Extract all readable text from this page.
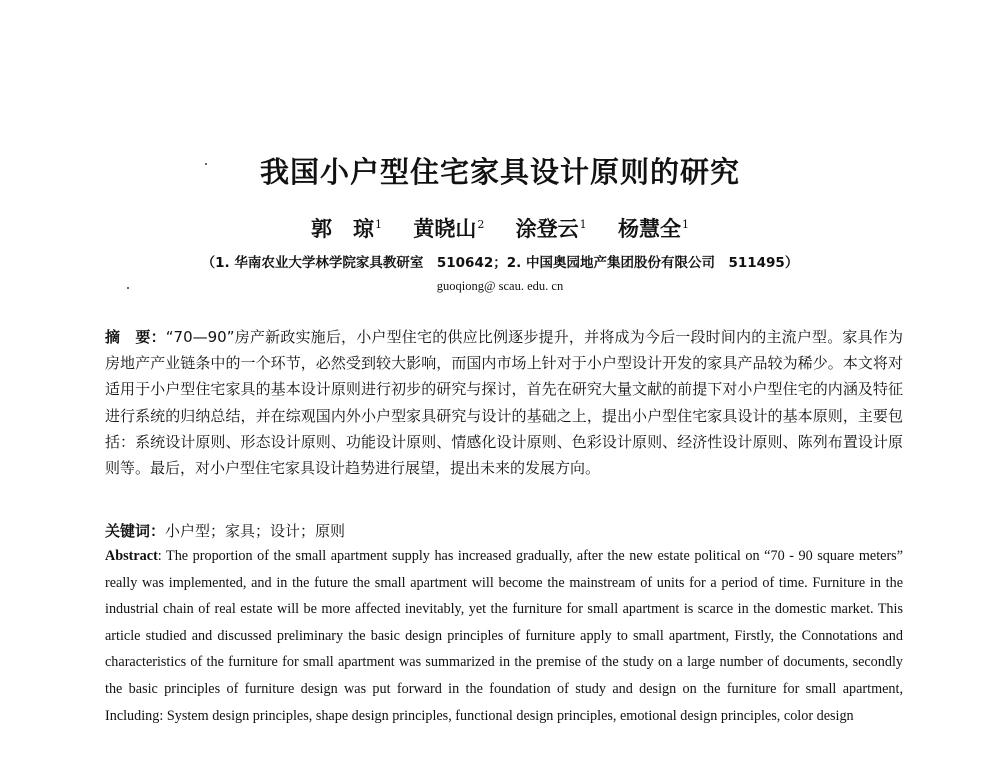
我国小户型住宅家具设计原则的研究
郭　琼$^1$ 黄晓山$^2$ 涂登云$^1$ 杨慧全$^1$
（1. 华南农业大学林学院家具教研室　510642；2. 中国奥园地产集团股份有限公司　511495）
guoqiong@ scau. edu. cn

摘　要：“70—90”房产新政实施后，小户型住宅的供应比例逐步提升，并将成为今后一段时间内的主流户型。家具作为房地产产业链条中的一个环节，必然受到较大影响，而国内市场上针对于小户型设计开发的家具产品较为稀少。本文将对适用于小户型住宅家具的基本设计原则进行初步的研究与探讨，首先在研究大量文献的前提下对小户型住宅的内涵及特征进行系统的归纳总结，并在综观国内外小户型家具研究与设计的基础之上，提出小户型住宅家具设计的基本原则，主要包括：系统设计原则、形态设计原则、功能设计原则、情感化设计原则、色彩设计原则、经济性设计原则、陈列布置设计原则等。最后，对小户型住宅家具设计趋势进行展望，提出未来的发展方向。

关键词：小户型；家具；设计；原则

Abstract: The proportion of the small apartment supply has increased gradually, after the new estate political on “70 - 90 square meters” really was implemented, and in the future the small apartment will become the mainstream of units for a period of time. Furniture in the industrial chain of real estate will be more affected inevitably, yet the furniture for small apartment is scarce in the domestic market. This article studied and discussed preliminary the basic design principles of furniture apply to small apartment, Firstly, the Connotations and characteristics of the furniture for small apartment was summarized in the premise of the study on a large number of documents, secondly the basic principles of furniture design was put forward in the foundation of study and design on the furniture for small apartment, Including: System design principles, shape design principles, functional design principles, emotional design principles, color design
